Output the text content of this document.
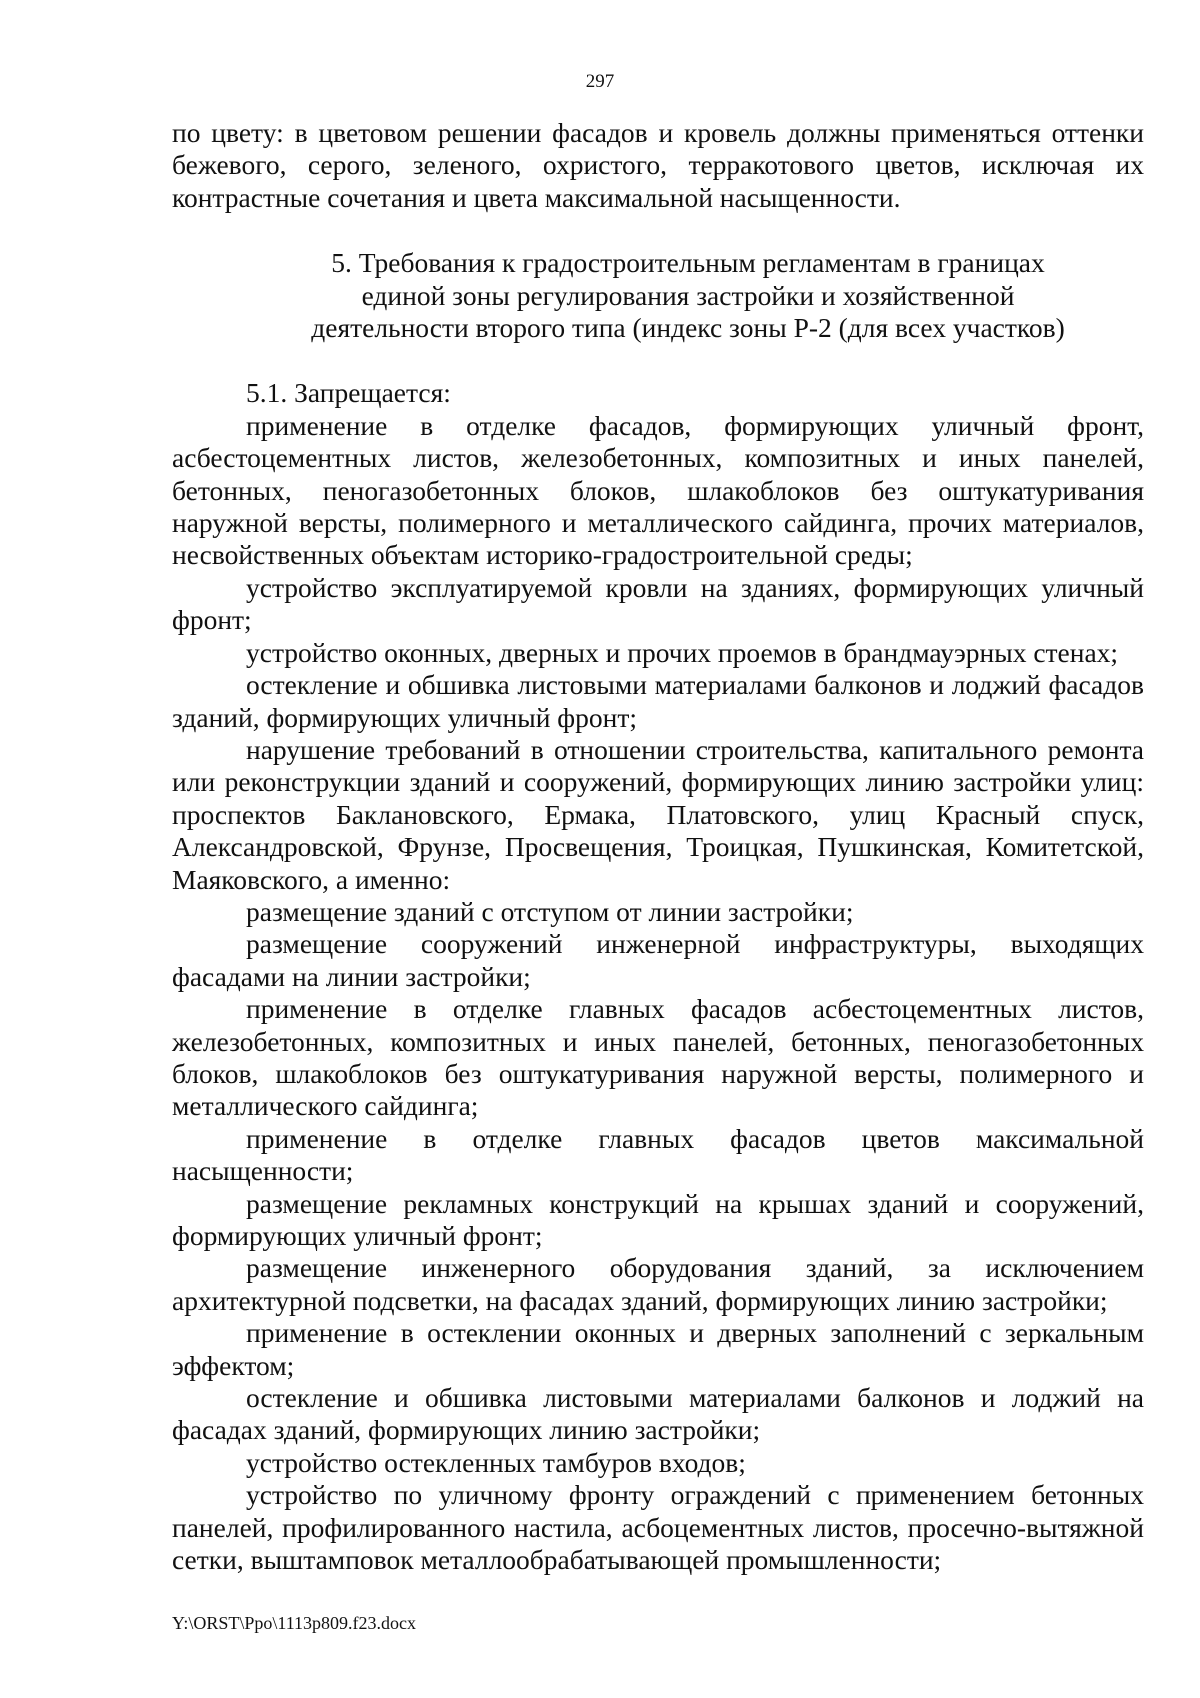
297

по цвету: в цветовом решении фасадов и кровель должны применяться оттенки бежевого, серого, зеленого, охристого, терракотового цветов, исключая их контрастные сочетания и цвета максимальной насыщенности.

5. Требования к градостроительным регламентам в границах
единой зоны регулирования застройки и хозяйственной
деятельности второго типа (индекс зоны Р-2 (для всех участков)

5.1. Запрещается:

применение в отделке фасадов, формирующих уличный фронт, асбестоцементных листов, железобетонных, композитных и иных панелей, бетонных, пеногазобетонных блоков, шлакоблоков без оштукатуривания наружной версты, полимерного и металлического сайдинга, прочих материалов, несвойственных объектам историко-градостроительной среды;

устройство эксплуатируемой кровли на зданиях, формирующих уличный фронт;

устройство оконных, дверных и прочих проемов в брандмауэрных стенах;

остекление и обшивка листовыми материалами балконов и лоджий фасадов зданий, формирующих уличный фронт;

нарушение требований в отношении строительства, капитального ремонта или реконструкции зданий и сооружений, формирующих линию застройки улиц: проспектов Баклановского, Ермака, Платовского, улиц Красный спуск, Александровской, Фрунзе, Просвещения, Троицкая, Пушкинская, Комитетской, Маяковского, а именно:

размещение зданий с отступом от линии застройки;

размещение сооружений инженерной инфраструктуры, выходящих фасадами на линии застройки;

применение в отделке главных фасадов асбестоцементных листов, железобетонных, композитных и иных панелей, бетонных, пеногазобетонных блоков, шлакоблоков без оштукатуривания наружной версты, полимерного и металлического сайдинга;

применение в отделке главных фасадов цветов максимальной насыщенности;

размещение рекламных конструкций на крышах зданий и сооружений, формирующих уличный фронт;

размещение инженерного оборудования зданий, за исключением архитектурной подсветки, на фасадах зданий, формирующих линию застройки;

применение в остеклении оконных и дверных заполнений с зеркальным эффектом;

остекление и обшивка листовыми материалами балконов и лоджий на фасадах зданий, формирующих линию застройки;

устройство остекленных тамбуров входов;

устройство по уличному фронту ограждений с применением бетонных панелей, профилированного настила, асбоцементных листов, просечно-вытяжной сетки, выштамповок металлообрабатывающей промышленности;

Y:\ORST\Ppo\1113p809.f23.docx
